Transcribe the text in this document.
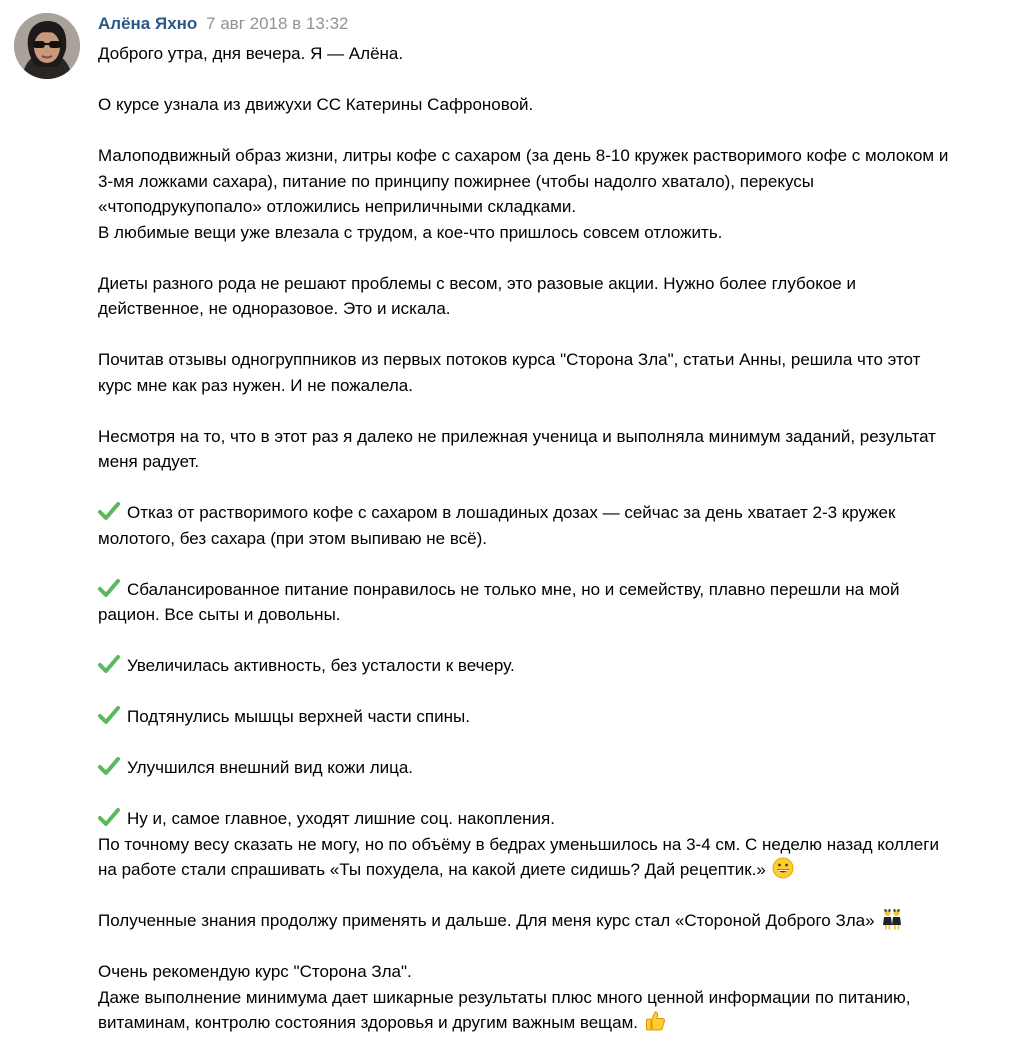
Алёна Яхно 7 авг 2018 в 13:32
Доброго утра, дня вечера. Я — Алёна.
О курсе узнала из движухи СС Катерины Сафроновой.
Малоподвижный образ жизни, литры кофе с сахаром (за день 8-10 кружек растворимого кофе с молоком и
3-мя ложками сахара), питание по принципу пожирнее (чтобы надолго хватало), перекусы
«чтоподрукупопало» отложились неприличными складками.
В любимые вещи уже влезала с трудом, а кое-что пришлось совсем отложить.
Диеты разного рода не решают проблемы с весом, это разовые акции. Нужно более глубокое и
действенное, не одноразовое. Это и искала.
Почитав отзывы одногруппников из первых потоков курса "Сторона Зла", статьи Анны, решила что этот
курс мне как раз нужен. И не пожалела.
Несмотря на то, что в этот раз я далеко не прилежная ученица и выполняла минимум заданий, результат
меня радует.
Отказ от растворимого кофе с сахаром в лошадиных дозах — сейчас за день хватает 2-3 кружек
молотого, без сахара (при этом выпиваю не всё).
Сбалансированное питание понравилось не только мне, но и семейству, плавно перешли на мой
рацион. Все сыты и довольны.
Увеличилась активность, без усталости к вечеру.
Подтянулись мышцы верхней части спины.
Улучшился внешний вид кожи лица.
Ну и, самое главное, уходят лишние соц. накопления.
По точному весу сказать не могу, но по объёму в бедрах уменьшилось на 3-4 см. С неделю назад коллеги
на работе стали спрашивать «Ты похудела, на какой диете сидишь? Дай рецептик.»
Полученные знания продолжу применять и дальше. Для меня курс стал «Стороной Доброго Зла»
Очень рекомендую курс "Сторона Зла".
Даже выполнение минимума дает шикарные результаты плюс много ценной информации по питанию,
витаминам, контролю состояния здоровья и другим важным вещам.
